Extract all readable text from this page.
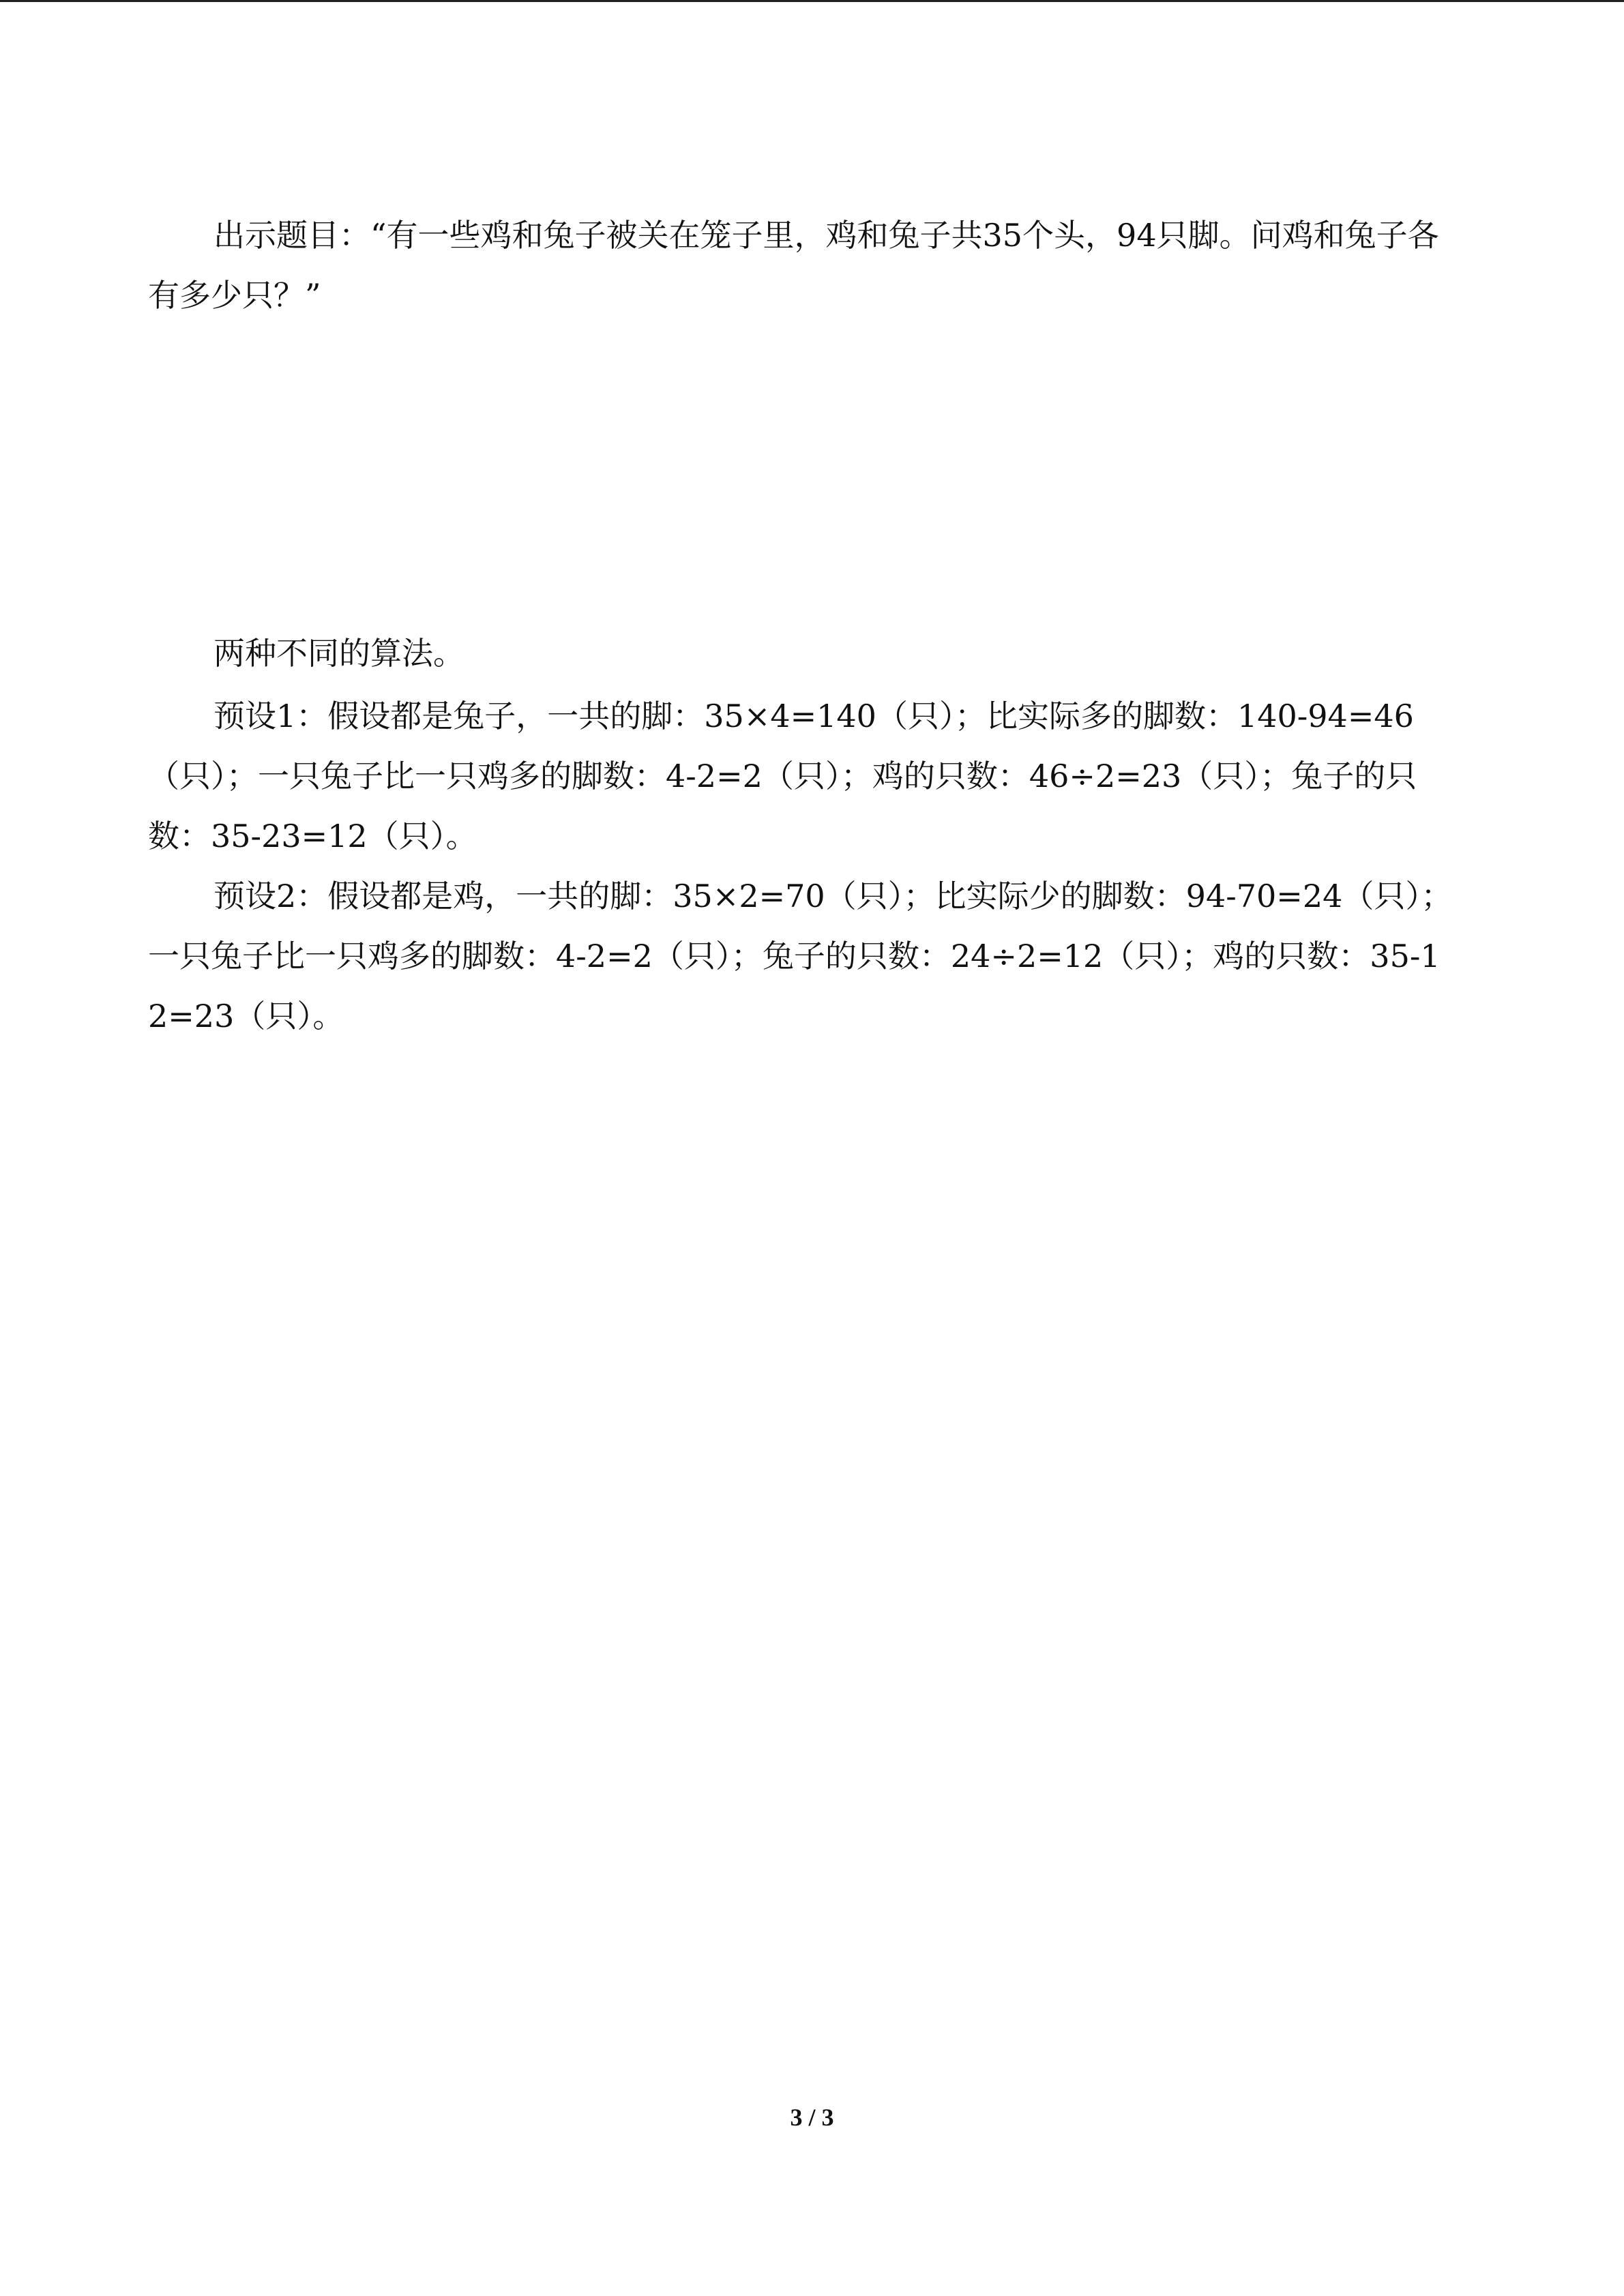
出示题目：“有一些鸡和兔子被关在笼子里，鸡和兔子共35个头，94只脚。问鸡和兔子各有多少只？”

两种不同的算法。

预设1：假设都是兔子，一共的脚：35×4=140（只）；比实际多的脚数：140-94=46（只）；一只兔子比一只鸡多的脚数：4-2=2（只）；鸡的只数：46÷2=23（只）；兔子的只数：35-23=12（只）。

预设2：假设都是鸡，一共的脚：35×2=70（只）；比实际少的脚数：94-70=24（只）；一只兔子比一只鸡多的脚数：4-2=2（只）；兔子的只数：24÷2=12（只）；鸡的只数：35-12=23（只）。

3 / 3
